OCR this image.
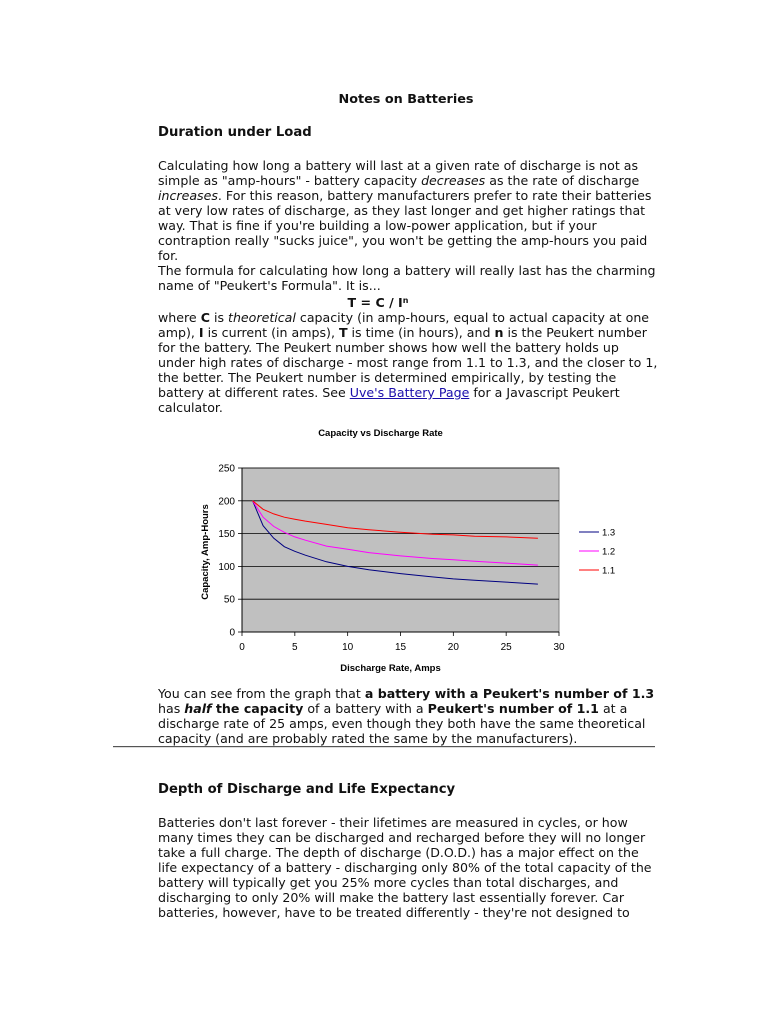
Notes on Batteries
Duration under Load

Calculating how long a battery will last at a given rate of discharge is not as simple as "amp-hours" - battery capacity decreases as the rate of discharge increases. For this reason, battery manufacturers prefer to rate their batteries at very low rates of discharge, as they last longer and get higher ratings that way. That is fine if you're building a low-power application, but if your contraption really "sucks juice", you won't be getting the amp-hours you paid for.
The formula for calculating how long a battery will really last has the charming name of "Peukert's Formula". It is...
$T = C / I^n$
where C is theoretical capacity (in amp-hours, equal to actual capacity at one amp), I is current (in amps), T is time (in hours), and n is the Peukert number for the battery. The Peukert number shows how well the battery holds up under high rates of discharge - most range from 1.1 to 1.3, and the closer to 1, the better. The Peukert number is determined empirically, by testing the battery at different rates. See Uve's Battery Page for a Javascript Peukert calculator.

Capacity vs Discharge Rate
0
50
100
150
200
250
0	5	10	15	20	25	30
Discharge Rate, Amps
Capacity, Amp-Hours	1.3
1.2
1.1

You can see from the graph that a battery with a Peukert's number of 1.3 has half the capacity of a battery with a Peukert's number of 1.1 at a discharge rate of 25 amps, even though they both have the same theoretical capacity (and are probably rated the same by the manufacturers).

Depth of Discharge and Life Expectancy

Batteries don't last forever - their lifetimes are measured in cycles, or how many times they can be discharged and recharged before they will no longer take a full charge. The depth of discharge (D.O.D.) has a major effect on the life expectancy of a battery - discharging only 80% of the total capacity of the battery will typically get you 25% more cycles than total discharges, and discharging to only 20% will make the battery last essentially forever. Car batteries, however, have to be treated differently - they're not designed to
